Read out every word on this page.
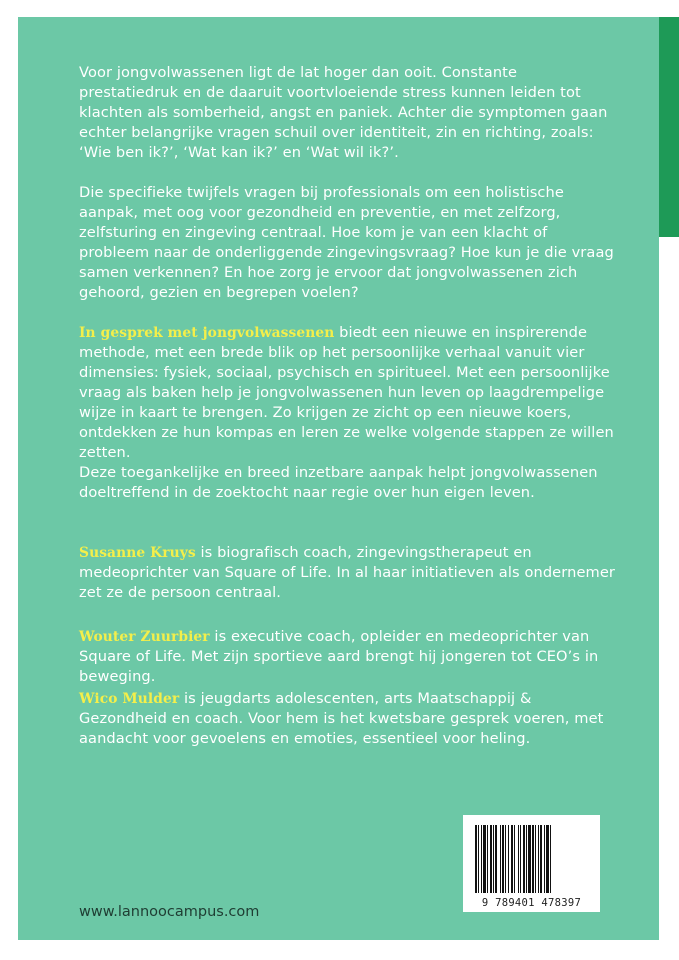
Voor jongvolwassenen ligt de lat hoger dan ooit. Constante prestatiedruk en de daaruit voortvloeiende stress kunnen leiden tot klachten als somberheid, angst en paniek. Achter die symptomen gaan echter belangrijke vragen schuil over identiteit, zin en richting, zoals: ‘Wie ben ik?’, ‘Wat kan ik?’ en ‘Wat wil ik?’.

Die specifieke twijfels vragen bij professionals om een holistische aanpak, met oog voor gezondheid en preventie, en met zelfzorg, zelfsturing en zingeving centraal. Hoe kom je van een klacht of probleem naar de onderliggende zingevingsvraag? Hoe kun je die vraag samen verkennen? En hoe zorg je ervoor dat jongvolwassenen zich gehoord, gezien en begrepen voelen?

In gesprek met jongvolwassenen biedt een nieuwe en inspirerende methode, met een brede blik op het persoonlijke verhaal vanuit vier dimensies: fysiek, sociaal, psychisch en spiritueel. Met een persoonlijke vraag als baken help je jongvolwassenen hun leven op laagdrempelige wijze in kaart te brengen. Zo krijgen ze zicht op een nieuwe koers, ontdekken ze hun kompas en leren ze welke volgende stappen ze willen zetten.

Deze toegankelijke en breed inzetbare aanpak helpt jongvolwassenen doeltreffend in de zoektocht naar regie over hun eigen leven.

Susanne Kruys is biografisch coach, zingevingstherapeut en medeoprichter van Square of Life. In al haar initiatieven als ondernemer zet ze de persoon centraal.

Wouter Zuurbier is executive coach, opleider en medeoprichter van Square of Life. Met zijn sportieve aard brengt hij jongeren tot CEO’s in beweging.

Wico Mulder is jeugdarts adolescenten, arts Maatschappij & Gezondheid en coach. Voor hem is het kwetsbare gesprek voeren, met aandacht voor gevoelens en emoties, essentieel voor heling.

9 789401 478397
www.lannoocampus.com
